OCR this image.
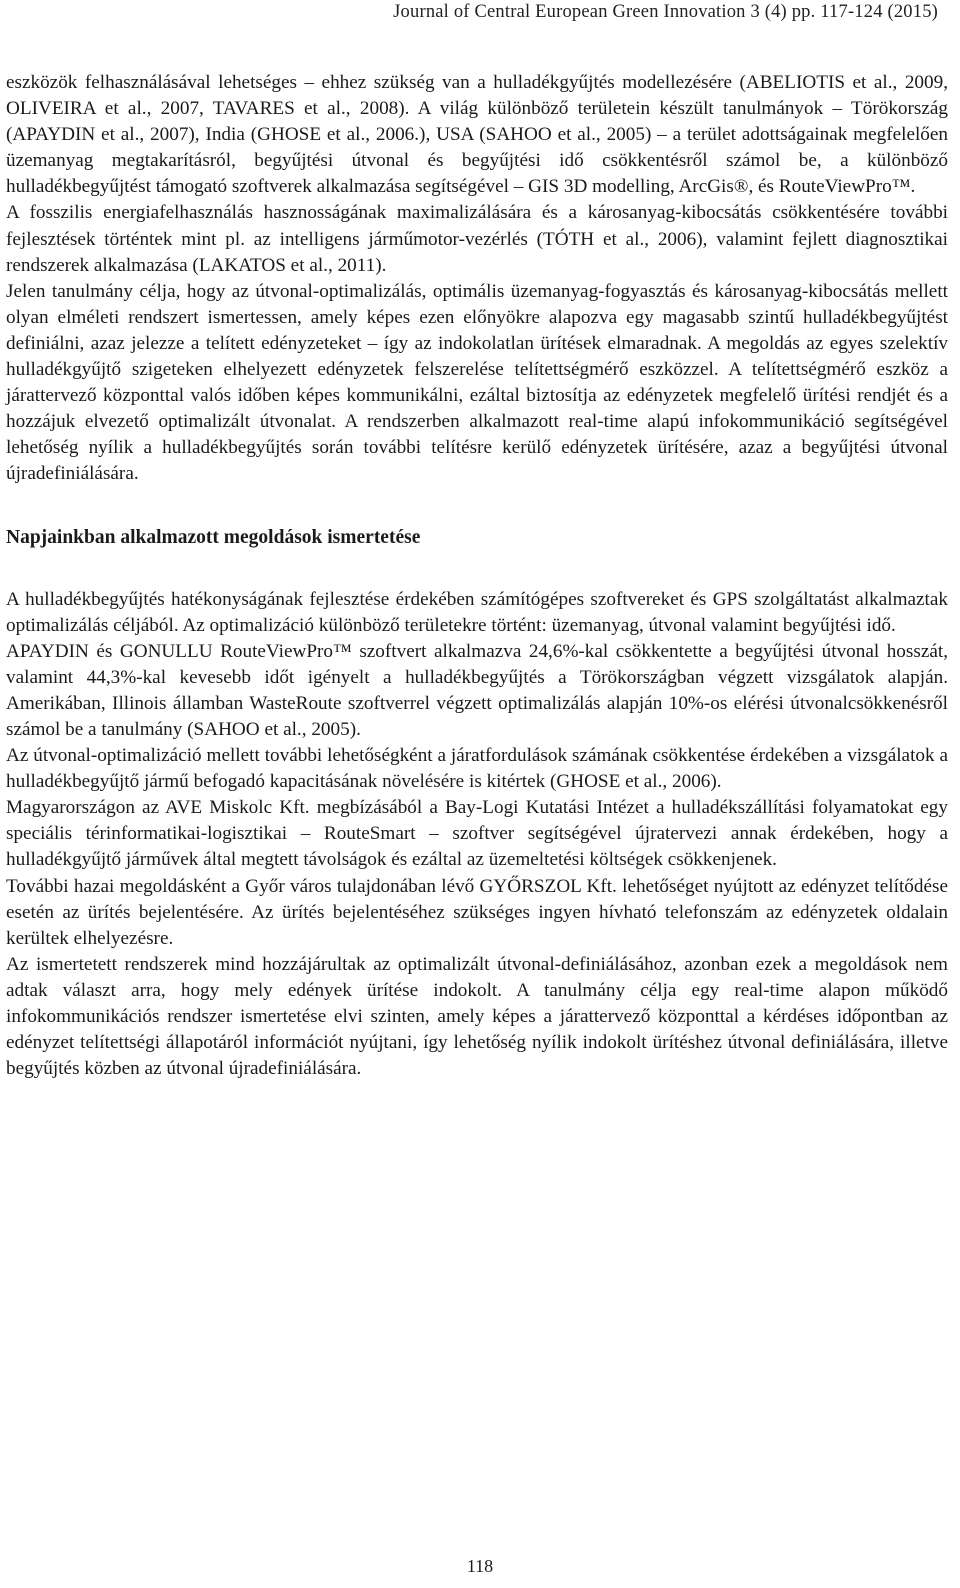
Journal of Central European Green Innovation 3 (4) pp. 117-124 (2015)

eszközök felhasználásával lehetséges – ehhez szükség van a hulladékgyűjtés modellezésére (ABELIOTIS et al., 2009, OLIVEIRA et al., 2007, TAVARES et al., 2008). A világ különböző területein készült tanulmányok – Törökország (APAYDIN et al., 2007), India (GHOSE et al., 2006.), USA (SAHOO et al., 2005) – a terület adottságainak megfelelően üzemanyag megtakarításról, begyűjtési útvonal és begyűjtési idő csökkentésről számol be, a különböző hulladékbegyűjtést támogató szoftverek alkalmazása segítségével – GIS 3D modelling, ArcGis®, és RouteViewPro™.

A fosszilis energiafelhasználás hasznosságának maximalizálására és a károsanyag-kibocsátás csökkentésére további fejlesztések történtek mint pl. az intelligens járműmotor-vezérlés (TÓTH et al., 2006), valamint fejlett diagnosztikai rendszerek alkalmazása (LAKATOS et al., 2011).

Jelen tanulmány célja, hogy az útvonal-optimalizálás, optimális üzemanyag-fogyasztás és károsanyag-kibocsátás mellett olyan elméleti rendszert ismertessen, amely képes ezen előnyökre alapozva egy magasabb szintű hulladékbegyűjtést definiálni, azaz jelezze a telített edényzeteket – így az indokolatlan ürítések elmaradnak. A megoldás az egyes szelektív hulladékgyűjtő szigeteken elhelyezett edényzetek felszerelése telítettségmérő eszközzel. A telítettségmérő eszköz a járattervező központtal valós időben képes kommunikálni, ezáltal biztosítja az edényzetek megfelelő ürítési rendjét és a hozzájuk elvezető optimalizált útvonalat. A rendszerben alkalmazott real-time alapú infokommunikáció segítségével lehetőség nyílik a hulladékbegyűjtés során további telítésre kerülő edényzetek ürítésére, azaz a begyűjtési útvonal újradefiniálására.

Napjainkban alkalmazott megoldások ismertetése

A hulladékbegyűjtés hatékonyságának fejlesztése érdekében számítógépes szoftvereket és GPS szolgáltatást alkalmaztak optimalizálás céljából. Az optimalizáció különböző területekre történt: üzemanyag, útvonal valamint begyűjtési idő.

APAYDIN és GONULLU RouteViewPro™ szoftvert alkalmazva 24,6%-kal csökkentette a begyűjtési útvonal hosszát, valamint 44,3%-kal kevesebb időt igényelt a hulladékbegyűjtés a Törökországban végzett vizsgálatok alapján. Amerikában, Illinois államban WasteRoute szoftverrel végzett optimalizálás alapján 10%-os elérési útvonalcsökkenésről számol be a tanulmány (SAHOO et al., 2005).

Az útvonal-optimalizáció mellett további lehetőségként a járatfordulások számának csökkentése érdekében a vizsgálatok a hulladékbegyűjtő jármű befogadó kapacitásának növelésére is kitértek (GHOSE et al., 2006).

Magyarországon az AVE Miskolc Kft. megbízásából a Bay-Logi Kutatási Intézet a hulladékszállítási folyamatokat egy speciális térinformatikai-logisztikai – RouteSmart – szoftver segítségével újratervezi annak érdekében, hogy a hulladékgyűjtő járművek által megtett távolságok és ezáltal az üzemeltetési költségek csökkenjenek.

További hazai megoldásként a Győr város tulajdonában lévő GYŐRSZOL Kft. lehetőséget nyújtott az edényzet telítődése esetén az ürítés bejelentésére. Az ürítés bejelentéséhez szükséges ingyen hívható telefonszám az edényzetek oldalain kerültek elhelyezésre.

Az ismertetett rendszerek mind hozzájárultak az optimalizált útvonal-definiálásához, azonban ezek a megoldások nem adtak választ arra, hogy mely edények ürítése indokolt. A tanulmány célja egy real-time alapon működő infokommunikációs rendszer ismertetése elvi szinten, amely képes a járattervező központtal a kérdéses időpontban az edényzet telítettségi állapotáról információt nyújtani, így lehetőség nyílik indokolt ürítéshez útvonal definiálására, illetve begyűjtés közben az útvonal újradefiniálására.

118
